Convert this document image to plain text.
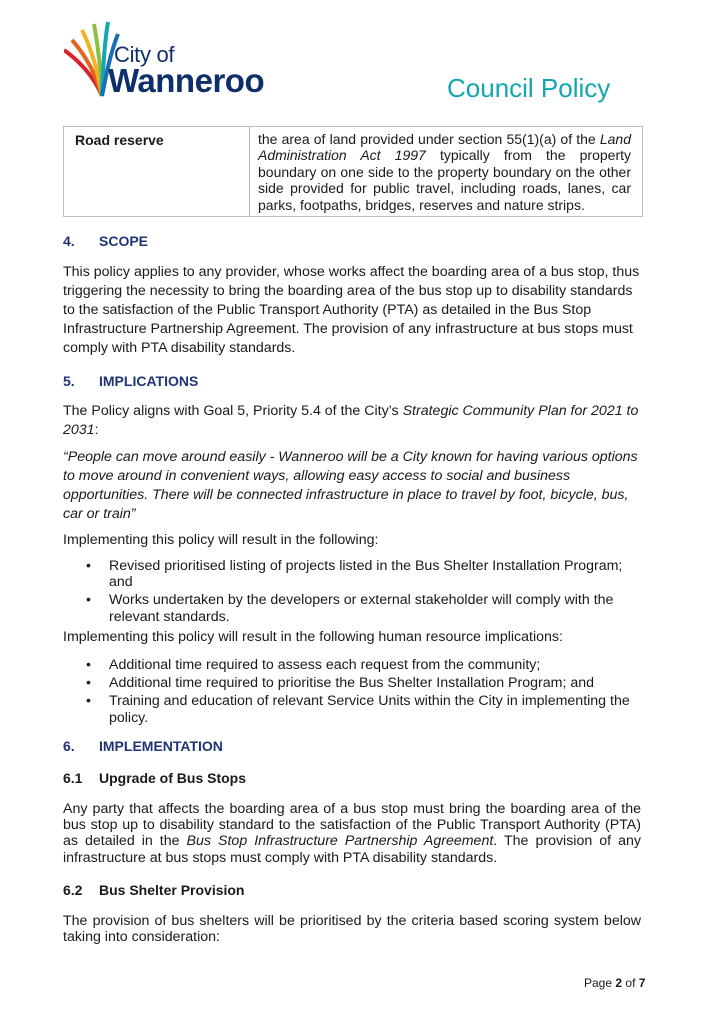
City of
Wanneroo	Council Policy
Road reserve	the area of land provided under section 55(1)(a) of the Land Administration Act 1997 typically from the property boundary on one side to the property boundary on the other side provided for public travel, including roads, lanes, car parks, footpaths, bridges, reserves and nature strips.
4. SCOPE
This policy applies to any provider, whose works affect the boarding area of a bus stop, thus triggering the necessity to bring the boarding area of the bus stop up to disability standards to the satisfaction of the Public Transport Authority (PTA) as detailed in the Bus Stop Infrastructure Partnership Agreement. The provision of any infrastructure at bus stops must comply with PTA disability standards.
5. IMPLICATIONS
The Policy aligns with Goal 5, Priority 5.4 of the City’s Strategic Community Plan for 2021 to 2031:
“People can move around easily - Wanneroo will be a City known for having various options to move around in convenient ways, allowing easy access to social and business opportunities. There will be connected infrastructure in place to travel by foot, bicycle, bus, car or train”
Implementing this policy will result in the following:
• Revised prioritised listing of projects listed in the Bus Shelter Installation Program; and
• Works undertaken by the developers or external stakeholder will comply with the relevant standards.
Implementing this policy will result in the following human resource implications:
• Additional time required to assess each request from the community;
• Additional time required to prioritise the Bus Shelter Installation Program; and
• Training and education of relevant Service Units within the City in implementing the policy.
6. IMPLEMENTATION
6.1 Upgrade of Bus Stops
Any party that affects the boarding area of a bus stop must bring the boarding area of the bus stop up to disability standard to the satisfaction of the Public Transport Authority (PTA) as detailed in the Bus Stop Infrastructure Partnership Agreement. The provision of any infrastructure at bus stops must comply with PTA disability standards.
6.2 Bus Shelter Provision
The provision of bus shelters will be prioritised by the criteria based scoring system below taking into consideration:
Page 2 of 7
